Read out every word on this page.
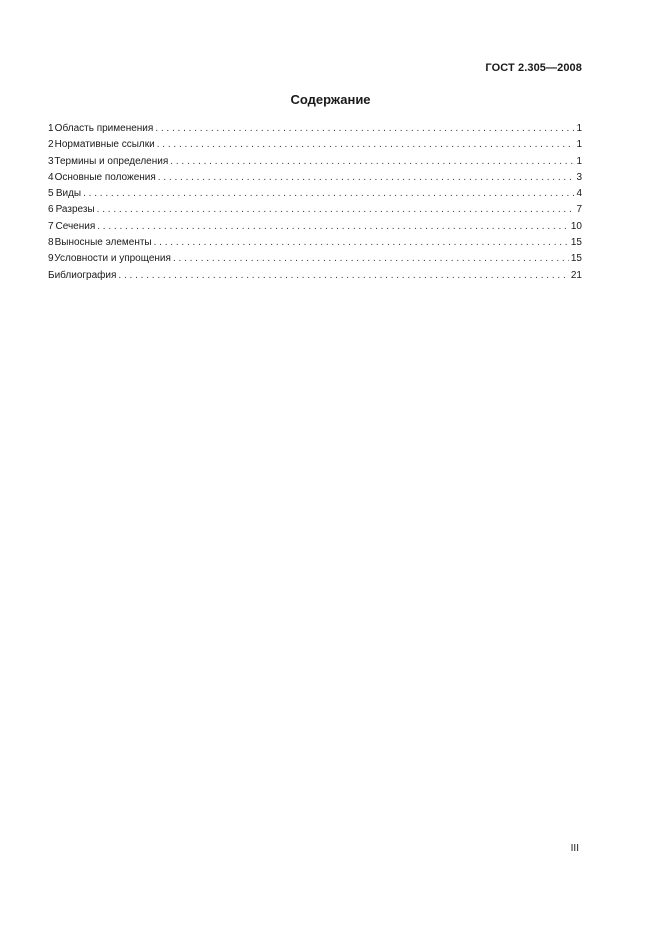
ГОСТ 2.305—2008
Содержание
1 Область применения . . .	1
2 Нормативные ссылки . . .	1
3 Термины и определения . . .	1
4 Основные положения . . .	3
5 Виды . . .	4
6 Разрезы . . .	7
7 Сечения . . .	10
8 Выносные элементы . . .	15
9 Условности и упрощения . . .	15
Библиография . . .	21
III
